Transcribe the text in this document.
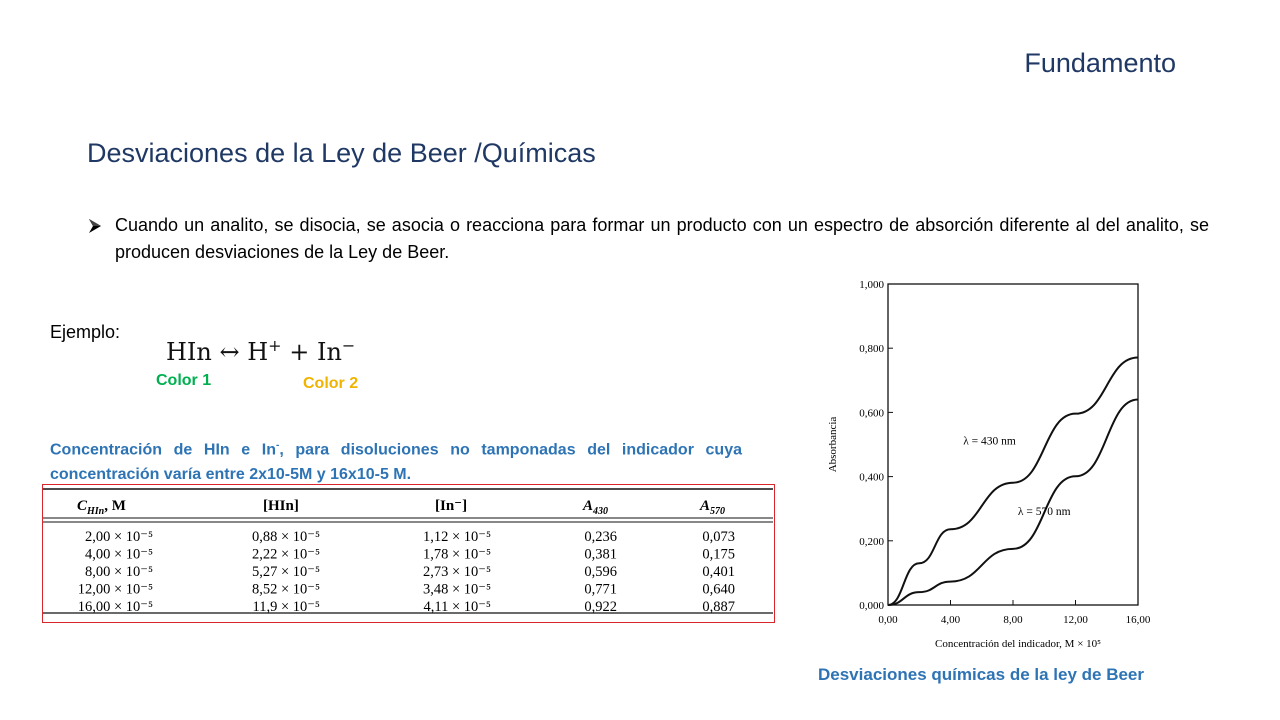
Fundamento
Desviaciones de la Ley de Beer /Químicas
Cuando un analito, se disocia, se asocia o reacciona para formar un producto con un espectro de absorción diferente al del analito, se producen desviaciones de la Ley de Beer.
Ejemplo:
HIn ↔ H+ + In−
Color 1	Color 2
Concentración de HIn e In-, para disoluciones no tamponadas del indicador cuya concentración varía entre 2x10-5M y 16x10-5 M.
$C_{HIn}$, M	[HIn]	[In⁻]	$A_{430}$	$A_{570}$
2,00 × 10⁻⁵	0,88 × 10⁻⁵	1,12 × 10⁻⁵	0,236	0,073
4,00 × 10⁻⁵	2,22 × 10⁻⁵	1,78 × 10⁻⁵	0,381	0,175
8,00 × 10⁻⁵	5,27 × 10⁻⁵	2,73 × 10⁻⁵	0,596	0,401
12,00 × 10⁻⁵	8,52 × 10⁻⁵	3,48 × 10⁻⁵	0,771	0,640
16,00 × 10⁻⁵	11,9 × 10⁻⁵	4,11 × 10⁻⁵	0,922	0,887	0,000
0,200
0,400
0,600
0,800
1,000
0,00	4,00	8,00	12,00	16,00
Concentración del indicador, M × 10⁵
Absorbancia	λ = 430 nm
λ = 570 nm
Desviaciones químicas de la ley de Beer
